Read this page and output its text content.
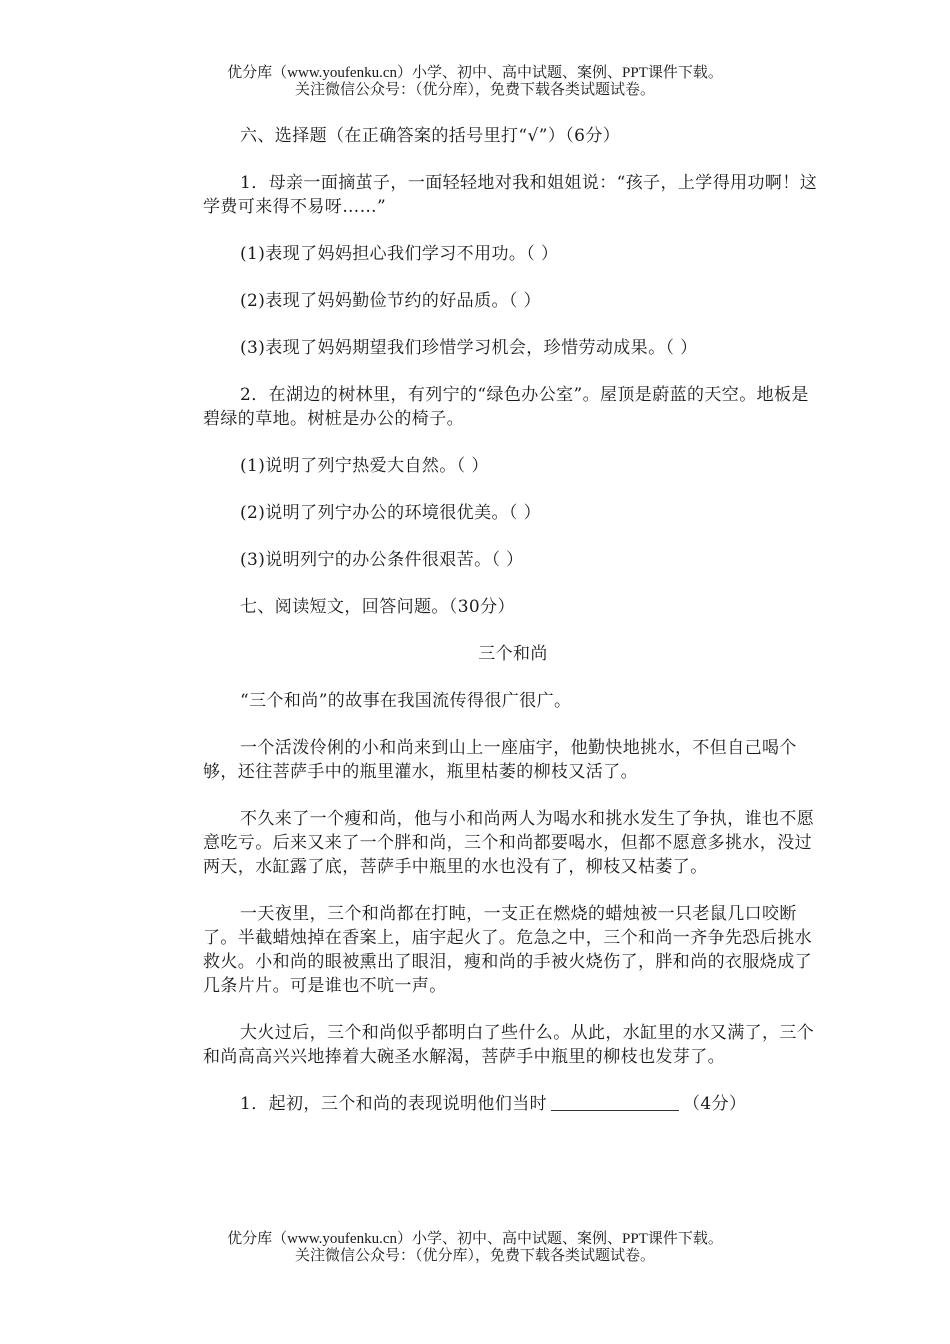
优分库（www.youfenku.cn）小学、初中、高中试题、案例、PPT课件下载。
关注微信公众号：（优分库），免费下载各类试题试卷。
六、选择题（在正确答案的括号里打“√”）（6分）
1．母亲一面摘茧子，一面轻轻地对我和姐姐说：“孩子，上学得用功啊！这学费可来得不易呀……”
(1)表现了妈妈担心我们学习不用功。（ ）
(2)表现了妈妈勤俭节约的好品质。（ ）
(3)表现了妈妈期望我们珍惜学习机会，珍惜劳动成果。（ ）
2．在湖边的树林里，有列宁的“绿色办公室”。屋顶是蔚蓝的天空。地板是碧绿的草地。树桩是办公的椅子。
(1)说明了列宁热爱大自然。（ ）
(2)说明了列宁办公的环境很优美。（ ）
(3)说明列宁的办公条件很艰苦。（ ）
七、阅读短文，回答问题。（30分）
三个和尚
“三个和尚”的故事在我国流传得很广很广。
一个活泼伶俐的小和尚来到山上一座庙宇，他勤快地挑水，不但自己喝个够，还往菩萨手中的瓶里灌水，瓶里枯萎的柳枝又活了。
不久来了一个瘦和尚，他与小和尚两人为喝水和挑水发生了争执，谁也不愿意吃亏。后来又来了一个胖和尚，三个和尚都要喝水，但都不愿意多挑水，没过两天，水缸露了底，菩萨手中瓶里的水也没有了，柳枝又枯萎了。
一天夜里，三个和尚都在打盹，一支正在燃烧的蜡烛被一只老鼠几口咬断了。半截蜡烛掉在香案上，庙宇起火了。危急之中，三个和尚一齐争先恐后挑水救火。小和尚的眼被熏出了眼泪，瘦和尚的手被火烧伤了，胖和尚的衣服烧成了几条片片。可是谁也不吭一声。
大火过后，三个和尚似乎都明白了些什么。从此，水缸里的水又满了，三个和尚高高兴兴地捧着大碗圣水解渴，菩萨手中瓶里的柳枝也发芽了。
1．起初，三个和尚的表现说明他们当时	（4分）
优分库（www.youfenku.cn）小学、初中、高中试题、案例、PPT课件下载。
关注微信公众号：（优分库），免费下载各类试题试卷。
